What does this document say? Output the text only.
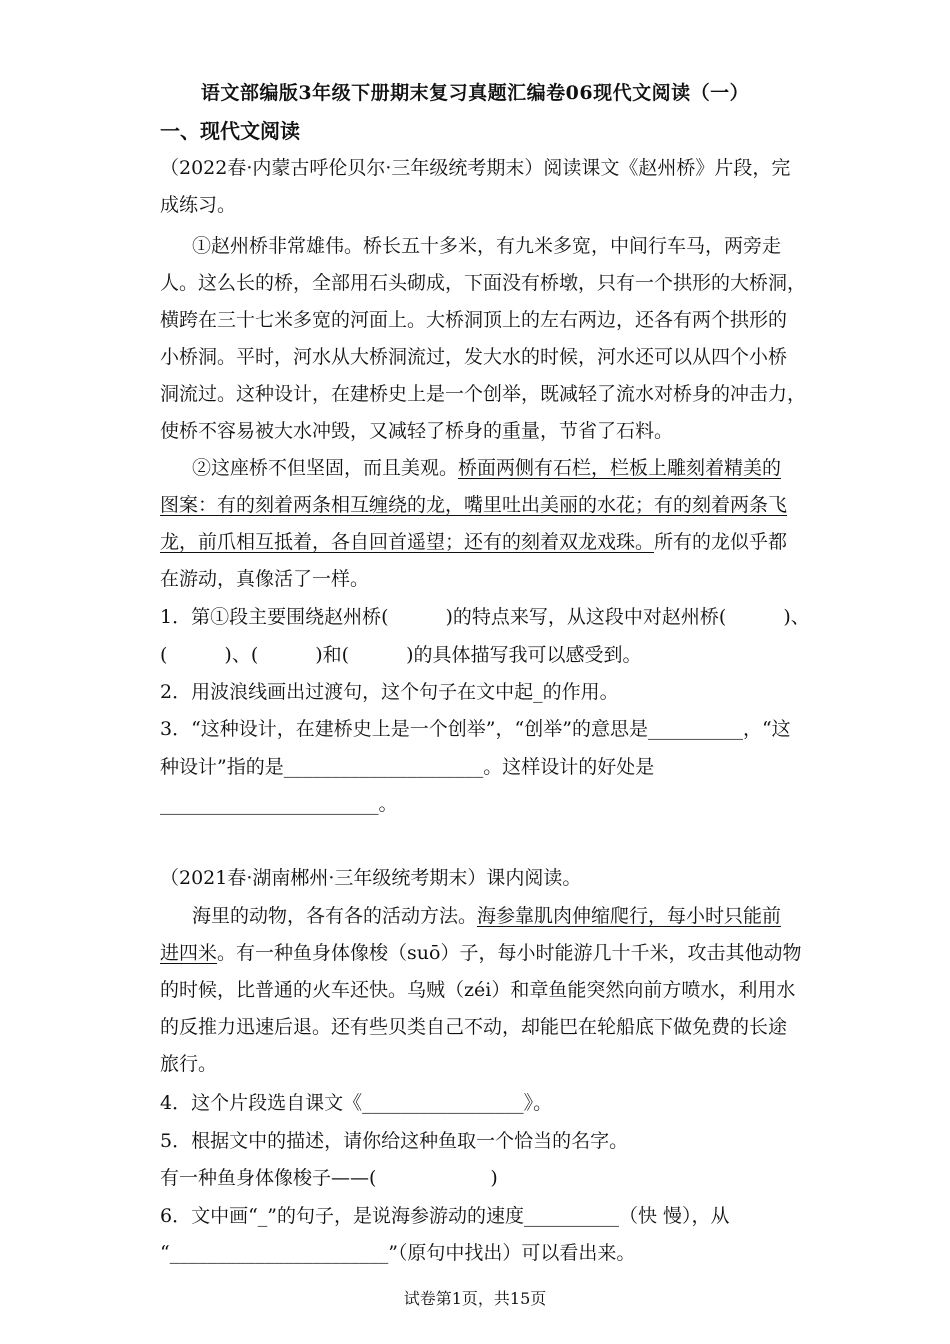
语文部编版3年级下册期末复习真题汇编卷06现代文阅读（一）
一、现代文阅读
（2022春·内蒙古呼伦贝尔·三年级统考期末）阅读课文《赵州桥》片段，完
成练习。
①赵州桥非常雄伟。桥长五十多米，有九米多宽，中间行车马，两旁走
人。这么长的桥，全部用石头砌成，下面没有桥墩，只有一个拱形的大桥洞，
横跨在三十七米多宽的河面上。大桥洞顶上的左右两边，还各有两个拱形的
小桥洞。平时，河水从大桥洞流过，发大水的时候，河水还可以从四个小桥
洞流过。这种设计，在建桥史上是一个创举，既减轻了流水对桥身的冲击力，
使桥不容易被大水冲毁，又减轻了桥身的重量，节省了石料。
②这座桥不但坚固，而且美观。桥面两侧有石栏，栏板上雕刻着精美的
图案：有的刻着两条相互缠绕的龙，嘴里吐出美丽的水花；有的刻着两条飞
龙，前爪相互抵着，各自回首遥望；还有的刻着双龙戏珠。所有的龙似乎都
在游动，真像活了一样。
1．第①段主要围绕赵州桥(　　　)的特点来写，从这段中对赵州桥(　　　)、
(　　　)、(　　　)和(　　　)的具体描写我可以感受到。
2．用波浪线画出过渡句，这个句子在文中起_的作用。
3．“这种设计，在建桥史上是一个创举”，“创举”的意思是__________，“这
种设计”指的是_____________________。这样设计的好处是
_______________________。
（2021春·湖南郴州·三年级统考期末）课内阅读。
海里的动物，各有各的活动方法。海参靠肌肉伸缩爬行，每小时只能前
进四米。有一种鱼身体像梭（suō）子，每小时能游几十千米，攻击其他动物
的时候，比普通的火车还快。乌贼（zéi）和章鱼能突然向前方喷水，利用水
的反推力迅速后退。还有些贝类自己不动，却能巴在轮船底下做免费的长途
旅行。
4．这个片段选自课文《_________________》。
5．根据文中的描述，请你给这种鱼取一个恰当的名字。
有一种鱼身体像梭子——(　　　　　　)
6．文中画“_”的句子，是说海参游动的速度__________（快 慢），从
“_______________________”（原句中找出）可以看出来。
试卷第1页，共15页
